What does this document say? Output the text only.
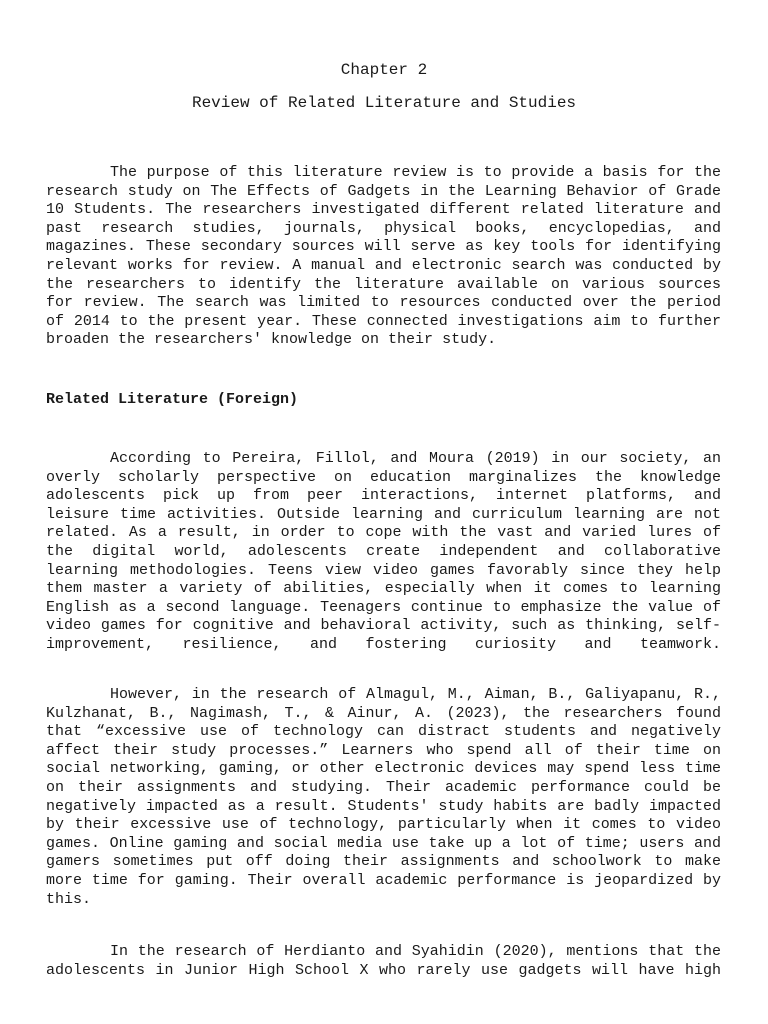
Chapter 2
Review of Related Literature and Studies
The purpose of this literature review is to provide a basis for the
research study on The Effects of Gadgets in the Learning Behavior of Grade
10 Students. The researchers investigated different related literature and
past research studies, journals, physical books, encyclopedias, and
magazines. These secondary sources will serve as key tools for identifying
relevant works for review. A manual and electronic search was conducted by
the researchers to identify the literature available on various sources
for review. The search was limited to resources conducted over the period
of 2014 to the present year. These connected investigations aim to further
broaden the researchers' knowledge on their study.
Related Literature (Foreign)
According to Pereira, Fillol, and Moura (2019) in our society, an
overly scholarly perspective on education marginalizes the knowledge
adolescents pick up from peer interactions, internet platforms, and
leisure time activities. Outside learning and curriculum learning are not
related. As a result, in order to cope with the vast and varied lures of
the digital world, adolescents create independent and collaborative
learning methodologies. Teens view video games favorably since they help
them master a variety of abilities, especially when it comes to learning
English as a second language. Teenagers continue to emphasize the value of
video games for cognitive and behavioral activity, such as thinking, self-
improvement, resilience, and fostering curiosity and teamwork.
However, in the research of Almagul, M., Aiman, B., Galiyapanu, R.,
Kulzhanat, B., Nagimash, T., & Ainur, A. (2023), the researchers found
that “excessive use of technology can distract students and negatively
affect their study processes.” Learners who spend all of their time on
social networking, gaming, or other electronic devices may spend less time
on their assignments and studying. Their academic performance could be
negatively impacted as a result. Students' study habits are badly impacted
by their excessive use of technology, particularly when it comes to video
games. Online gaming and social media use take up a lot of time; users and
gamers sometimes put off doing their assignments and schoolwork to make
more time for gaming. Their overall academic performance is jeopardized by
this.
In the research of Herdianto and Syahidin (2020), mentions that the
adolescents in Junior High School X who rarely use gadgets will have high
